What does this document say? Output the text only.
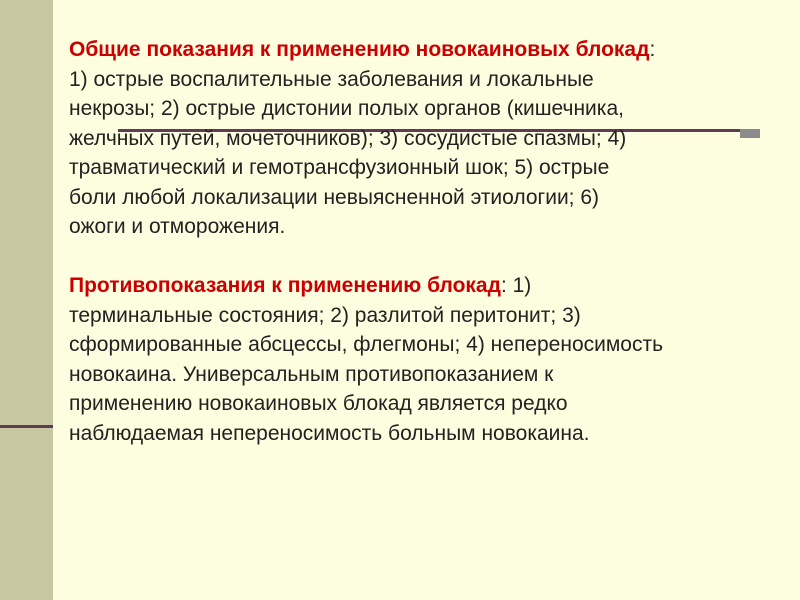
Общие показания к применению новокаиновых блокад:
1) острые воспалительные заболевания и локальные
некрозы; 2) острые дистонии полых органов (кишечника,
желчных путей, мочеточников); 3) сосудистые спазмы; 4)
травматический и гемотрансфузионный шок; 5) острые
боли любой локализации невыясненной этиологии; 6)
ожоги и отморожения.

Противопоказания к применению блокад: 1)
терминальные состояния; 2) разлитой перитонит; 3)
сформированные абсцессы, флегмоны; 4) непереносимость
новокаина. Универсальным противопоказанием к
применению новокаиновых блокад является редко
наблюдаемая непереносимость больным новокаина.
